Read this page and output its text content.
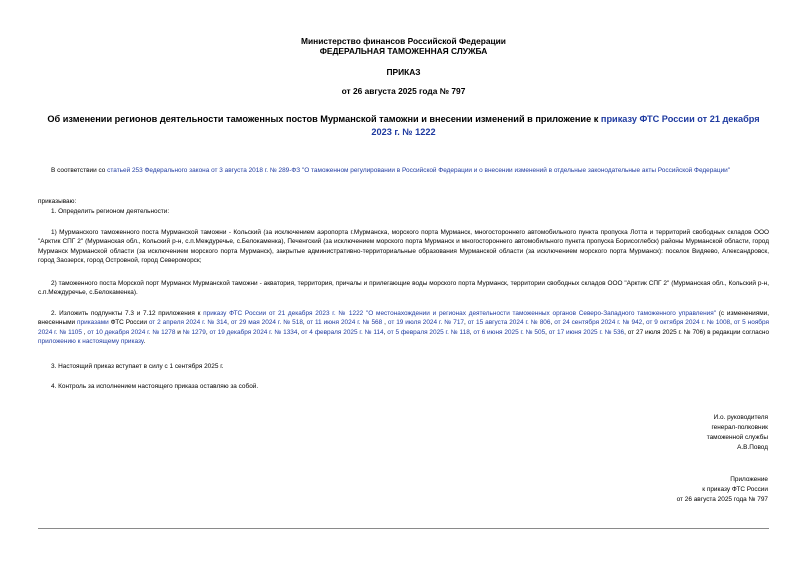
Министерство финансов Российской Федерации
ФЕДЕРАЛЬНАЯ ТАМОЖЕННАЯ СЛУЖБА
ПРИКАЗ
от 26 августа 2025 года № 797
Об изменении регионов деятельности таможенных постов Мурманской таможни и внесении изменений в приложение к приказу ФТС России от 21 декабря 2023 г. № 1222
В соответствии со статьей 253 Федерального закона от 3 августа 2018 г. № 289-ФЗ "О таможенном регулировании в Российской Федерации и о внесении изменений в отдельные законодательные акты Российской Федерации"
приказываю:
1. Определить регионом деятельности:
1) Мурманского таможенного поста Мурманской таможни - Кольский (за исключением аэропорта г.Мурманска, морского порта Мурманск, многостороннего автомобильного пункта пропуска Лотта и территорий свободных складов ООО "Арктик СПГ 2" (Мурманская обл., Кольский р-н, с.п.Междуречье, с.Белокаменка), Печенгский (за исключением морского порта Мурманск и многостороннего автомобильного пункта пропуска Борисоглебск) районы Мурманской области, город Мурманск Мурманской области (за исключением морского порта Мурманск), закрытые административно-территориальные образования Мурманской области (за исключением морского порта Мурманск): поселок Видяево, Александровск, город Заозерск, город Островной, город Североморск;
2) таможенного поста Морской порт Мурманск Мурманской таможни - акватория, территория, причалы и прилегающие воды морского порта Мурманск, территории свободных складов ООО "Арктик СПГ 2" (Мурманская обл., Кольский р-н, с.п.Междуречье, с.Белокаменка).
2. Изложить подпункты 7.3 и 7.12 приложения к приказу ФТС России от 21 декабря 2023 г. № 1222 "О местонахождении и регионах деятельности таможенных органов Северо-Западного таможенного управления" (с изменениями, внесенными приказами ФТС России от 2 апреля 2024 г. № 314, от 29 мая 2024 г. № 518, от 11 июня 2024 г. № 568 , от 19 июля 2024 г. № 717, от 15 августа 2024 г. № 806, от 24 сентября 2024 г. № 942, от 9 октября 2024 г. № 1008, от 5 ноября 2024 г. № 1105 , от 10 декабря 2024 г. № 1278 и № 1279, от 19 декабря 2024 г. № 1334, от 4 февраля 2025 г. № 114, от 5 февраля 2025 г. № 118, от 6 июня 2025 г. № 505, от 17 июня 2025 г. № 536, от 27 июля 2025 г. № 706) в редакции согласно приложению к настоящему приказу.
3. Настоящий приказ вступает в силу с 1 сентября 2025 г.
4. Контроль за исполнением настоящего приказа оставляю за собой.
И.о. руководителя
генерал-полковник
таможенной службы
А.В.Повод
Приложение
к приказу ФТС России
от 26 августа 2025 года № 797
